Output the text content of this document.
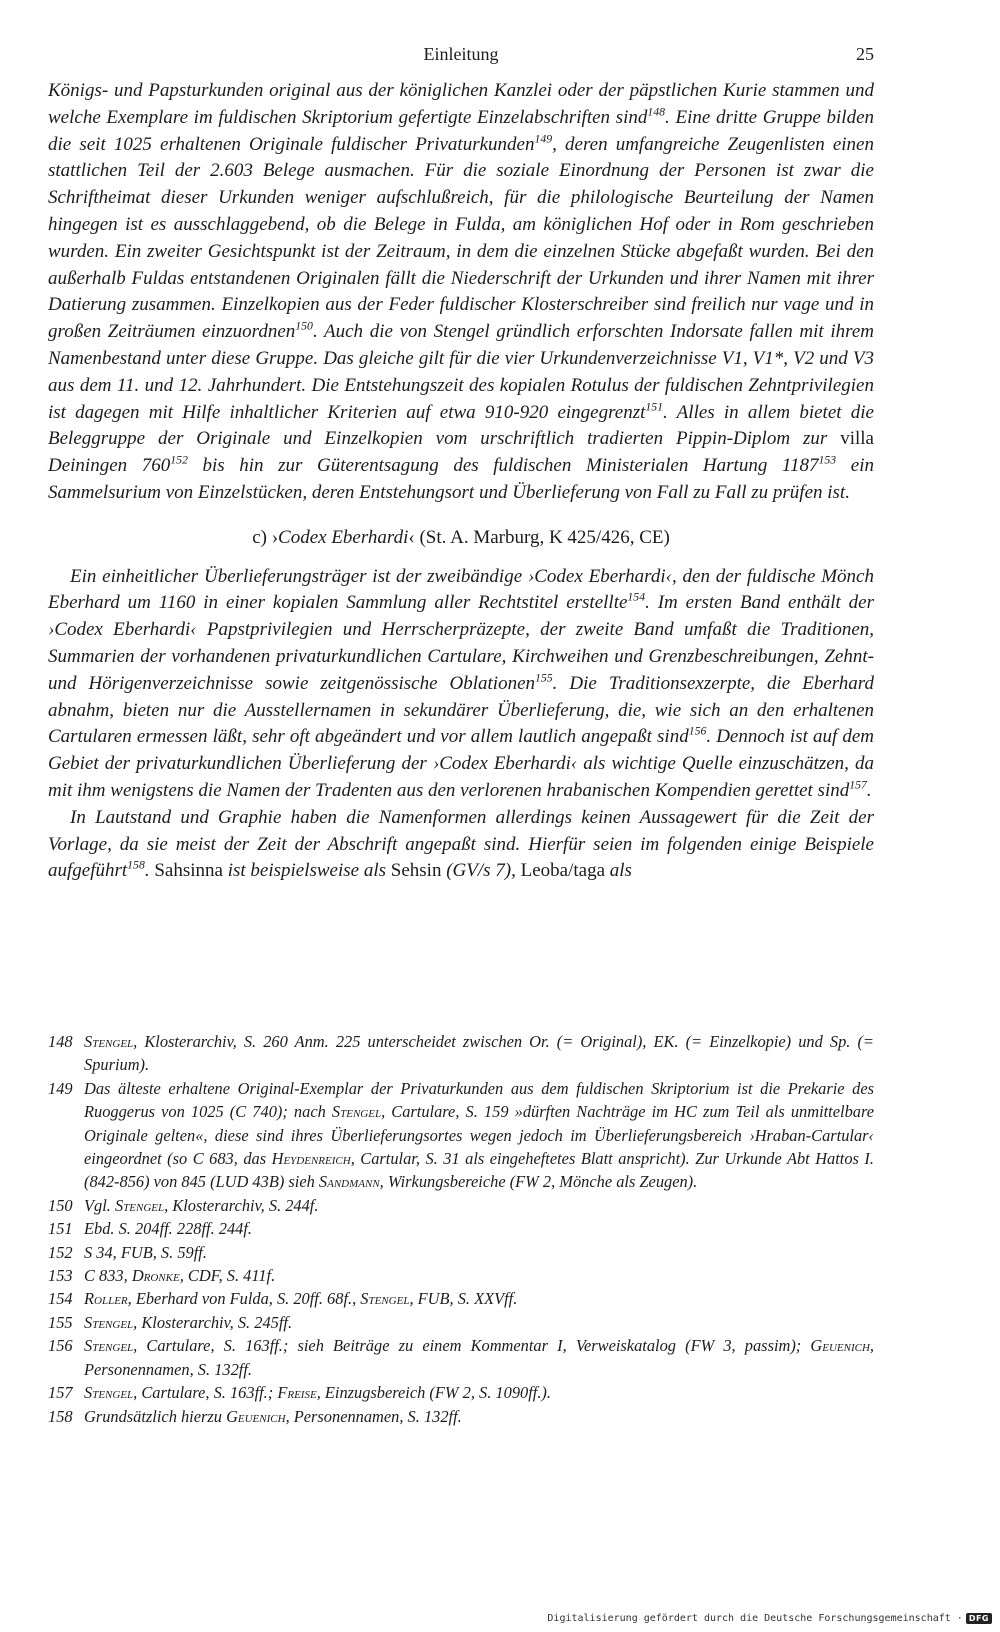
Einleitung	25

Königs- und Papsturkunden original aus der königlichen Kanzlei oder der päpstlichen Kurie stammen und welche Exemplare im fuldischen Skriptorium gefertigte Einzelabschriften sind$^{148}$. Eine dritte Gruppe bilden die seit 1025 erhaltenen Originale fuldischer Privaturkunden$^{149}$, deren umfangreiche Zeugenlisten einen stattlichen Teil der 2.603 Belege ausmachen. Für die soziale Einordnung der Personen ist zwar die Schriftheimat dieser Urkunden weniger aufschlußreich, für die philologische Beurteilung der Namen hingegen ist es ausschlaggebend, ob die Belege in Fulda, am königlichen Hof oder in Rom geschrieben wurden. Ein zweiter Gesichtspunkt ist der Zeitraum, in dem die einzelnen Stücke abgefaßt wurden. Bei den außerhalb Fuldas entstandenen Originalen fällt die Niederschrift der Urkunden und ihrer Namen mit ihrer Datierung zusammen. Einzelkopien aus der Feder fuldischer Klosterschreiber sind freilich nur vage und in großen Zeiträumen einzuordnen$^{150}$. Auch die von Stengel gründlich erforschten Indorsate fallen mit ihrem Namenbestand unter diese Gruppe. Das gleiche gilt für die vier Urkundenverzeichnisse V1, V1*, V2 und V3 aus dem 11. und 12. Jahrhundert. Die Entstehungszeit des kopialen Rotulus der fuldischen Zehntprivilegien ist dagegen mit Hilfe inhaltlicher Kriterien auf etwa 910-920 eingegrenzt$^{151}$. Alles in allem bietet die Beleggruppe der Originale und Einzelkopien vom urschriftlich tradierten Pippin-Diplom zur villa Deiningen $760^{152}$ bis hin zur Güterentsagung des fuldischen Ministerialen Hartung 1187$^{153}$ ein Sammelsurium von Einzelstücken, deren Entstehungsort und Überlieferung von Fall zu Fall zu prüfen ist.

c) ›Codex Eberhardi‹ (St. A. Marburg, K 425/426, CE)

Ein einheitlicher Überlieferungsträger ist der zweibändige ›Codex Eberhardi‹, den der fuldische Mönch Eberhard um 1160 in einer kopialen Sammlung aller Rechtstitel erstellte$^{154}$. Im ersten Band enthält der ›Codex Eberhardi‹ Papstprivilegien und Herrscherpräzepte, der zweite Band umfaßt die Traditionen, Summarien der vorhandenen privaturkundlichen Cartulare, Kirchweihen und Grenzbeschreibungen, Zehnt- und Hörigenverzeichnisse sowie zeitgenössische Oblationen$^{155}$. Die Traditionsexzerpte, die Eberhard abnahm, bieten nur die Ausstellernamen in sekundärer Überlieferung, die, wie sich an den erhaltenen Cartularen ermessen läßt, sehr oft abgeändert und vor allem lautlich angepaßt sind$^{156}$. Dennoch ist auf dem Gebiet der privaturkundlichen Überlieferung der ›Codex Eberhardi‹ als wichtige Quelle einzuschätzen, da mit ihm wenigstens die Namen der Tradenten aus den verlorenen hrabanischen Kompendien gerettet sind$^{157}$.

In Lautstand und Graphie haben die Namenformen allerdings keinen Aussagewert für die Zeit der Vorlage, da sie meist der Zeit der Abschrift angepaßt sind. Hierfür seien im folgenden einige Beispiele aufgeführt$^{158}$. Sahsinna ist beispielsweise als Sehsin (GV/s 7), Leoba/taga als

148 Stengel, Klosterarchiv, S. 260 Anm. 225 unterscheidet zwischen Or. (= Original), EK. (= Einzelkopie) und Sp. (= Spurium).
149 Das älteste erhaltene Original-Exemplar der Privaturkunden aus dem fuldischen Skriptorium ist die Prekarie des Ruoggerus von 1025 (C 740); nach Stengel, Cartulare, S. 159 »dürften Nachträge im HC zum Teil als unmittelbare Originale gelten«, diese sind ihres Überlieferungsortes wegen jedoch im Überlieferungsbereich ›Hraban-Cartular‹ eingeordnet (so C 683, das Heydenreich, Cartular, S. 31 als eingeheftetes Blatt anspricht). Zur Urkunde Abt Hattos I. (842-856) von 845 (LUD 43B) sieh Sandmann, Wirkungsbereiche (FW 2, Mönche als Zeugen).
150 Vgl. Stengel, Klosterarchiv, S. 244f.
151 Ebd. S. 204ff. 228ff. 244f.
152 S 34, FUB, S. 59ff.
153 C 833, Dronke, CDF, S. 411f.
154 Roller, Eberhard von Fulda, S. 20ff. 68f., Stengel, FUB, S. XXVff.
155 Stengel, Klosterarchiv, S. 245ff.
156 Stengel, Cartulare, S. 163ff.; sieh Beiträge zu einem Kommentar I, Verweiskatalog (FW 3, passim); Geuenich, Personennamen, S. 132ff.
157 Stengel, Cartulare, S. 163ff.; Freise, Einzugsbereich (FW 2, S. 1090ff.).
158 Grundsätzlich hierzu Geuenich, Personennamen, S. 132ff.
Digitalisierung gefördert durch die Deutsche Forschungsgemeinschaft · DFG
